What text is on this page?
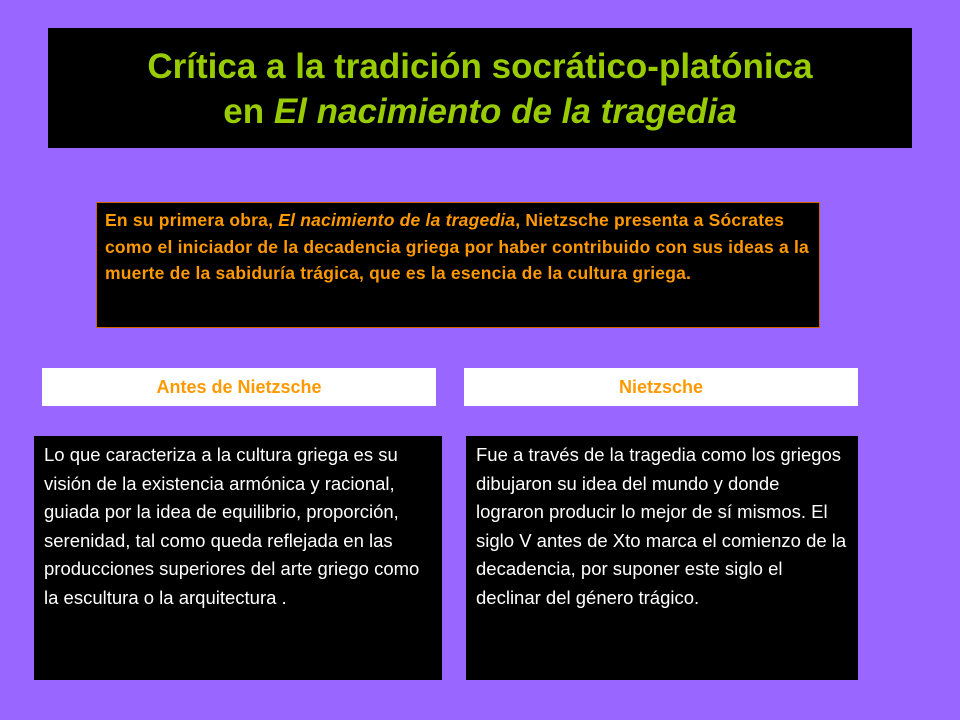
Crítica a la tradición socrático-platónica
en El nacimiento de la tragedia
En su primera obra, El nacimiento de la tragedia, Nietzsche presenta a Sócrates como el iniciador de la decadencia griega por haber contribuido con sus ideas a la muerte de la sabiduría trágica, que es la esencia de la cultura griega.
Antes de Nietzsche	Nietzsche
Lo que caracteriza a la cultura griega es su visión de la existencia armónica y racional, guiada por la idea de equilibrio, proporción, serenidad, tal como queda reflejada en las producciones superiores del arte griego como la escultura o la arquitectura .
Fue a través de la tragedia como los griegos dibujaron su idea del mundo y donde lograron producir lo mejor de sí mismos. El siglo V antes de Xto marca el comienzo de la decadencia, por suponer este siglo el declinar del género trágico.
